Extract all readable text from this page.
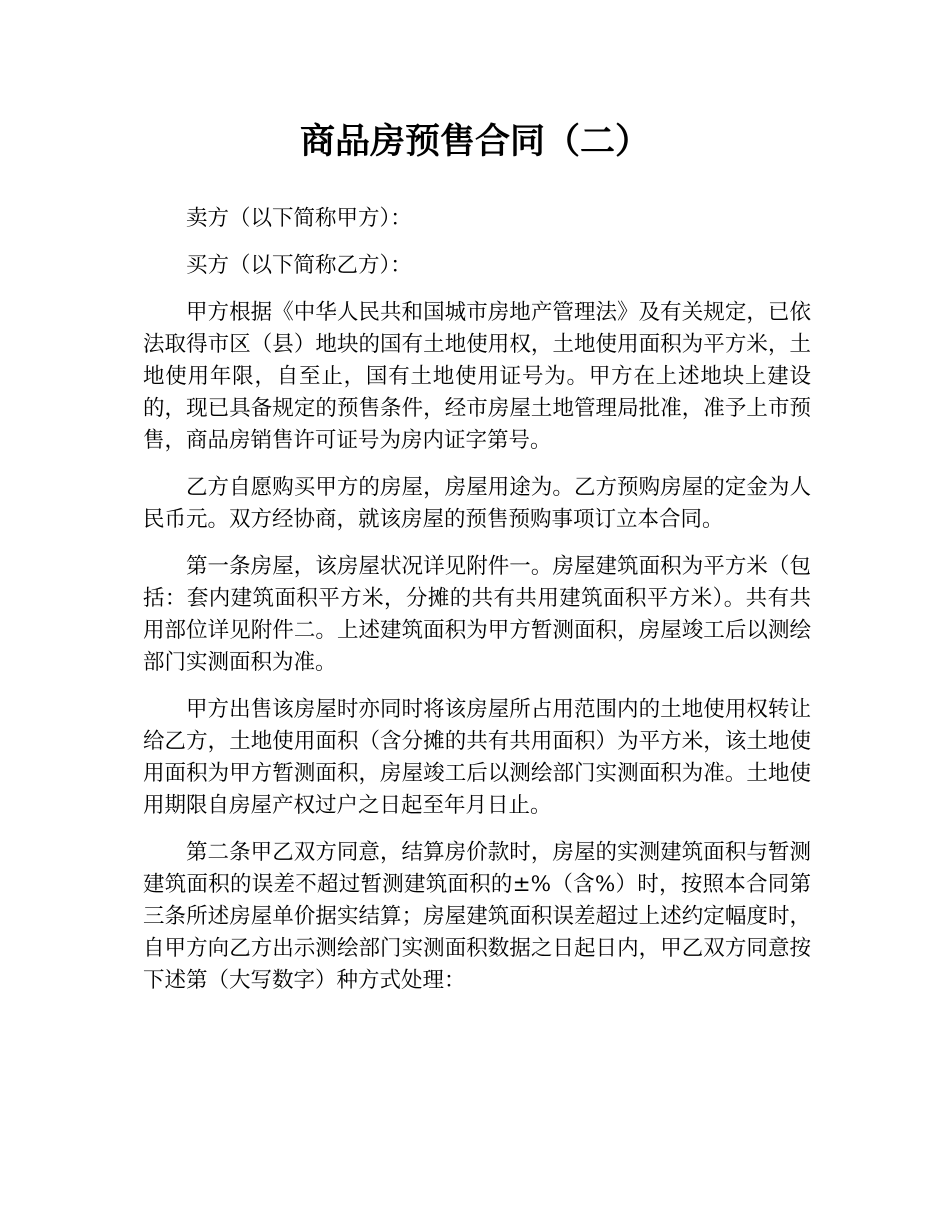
商品房预售合同（二）

卖方（以下简称甲方）：

买方（以下简称乙方）：

甲方根据《中华人民共和国城市房地产管理法》及有关规定，已依法取得市区（县）地块的国有土地使用权，土地使用面积为平方米，土地使用年限，自至止，国有土地使用证号为。甲方在上述地块上建设的，现已具备规定的预售条件，经市房屋土地管理局批准，准予上市预售，商品房销售许可证号为房内证字第号。

乙方自愿购买甲方的房屋，房屋用途为。乙方预购房屋的定金为人民币元。双方经协商，就该房屋的预售预购事项订立本合同。

第一条房屋，该房屋状况详见附件一。房屋建筑面积为平方米（包括：套内建筑面积平方米，分摊的共有共用建筑面积平方米）。共有共用部位详见附件二。上述建筑面积为甲方暂测面积，房屋竣工后以测绘部门实测面积为准。

甲方出售该房屋时亦同时将该房屋所占用范围内的土地使用权转让给乙方，土地使用面积（含分摊的共有共用面积）为平方米，该土地使用面积为甲方暂测面积，房屋竣工后以测绘部门实测面积为准。土地使用期限自房屋产权过户之日起至年月日止。

第二条甲乙双方同意，结算房价款时，房屋的实测建筑面积与暂测建筑面积的误差不超过暂测建筑面积的±%（含%）时，按照本合同第三条所述房屋单价据实结算；房屋建筑面积误差超过上述约定幅度时，自甲方向乙方出示测绘部门实测面积数据之日起日内，甲乙双方同意按下述第（大写数字）种方式处理：
